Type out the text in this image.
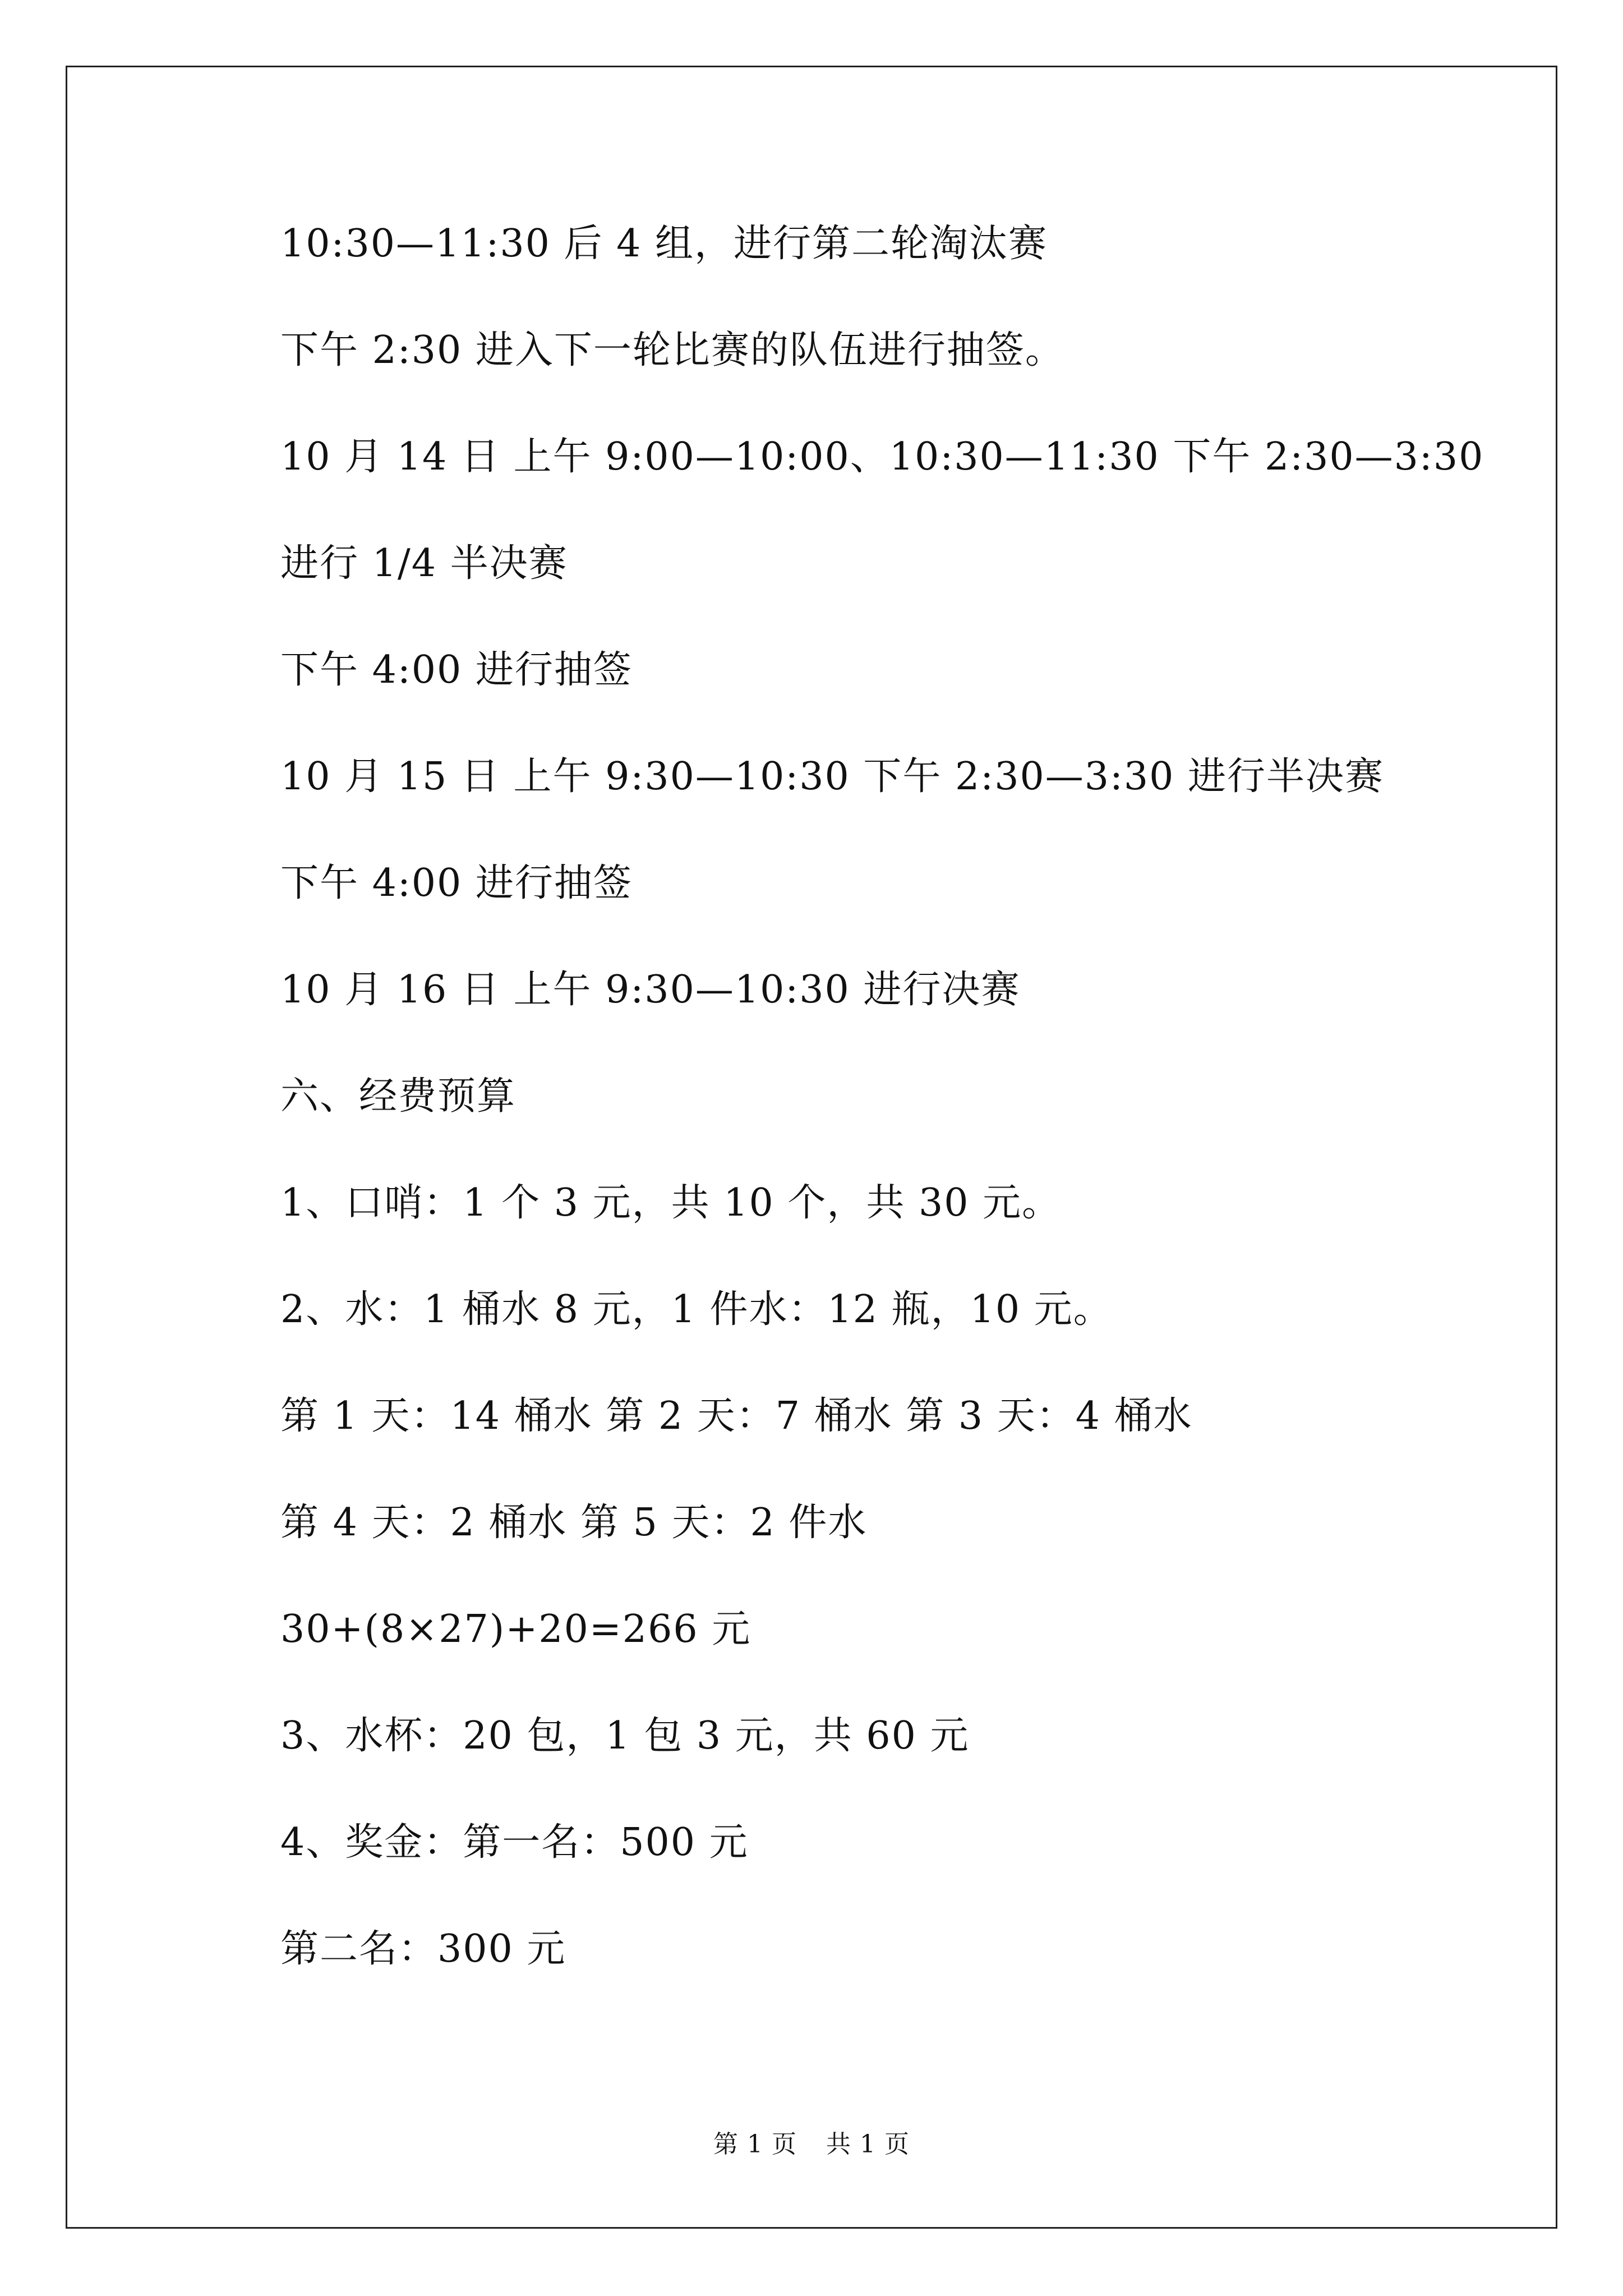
10:30—11:30 后 4 组，进行第二轮淘汰赛
下午 2:30 进入下一轮比赛的队伍进行抽签。
10 月 14 日 上午 9:00—10:00、10:30—11:30 下午 2:30—3:30
进行 1/4 半决赛
下午 4:00 进行抽签
10 月 15 日 上午 9:30—10:30 下午 2:30—3:30 进行半决赛
下午 4:00 进行抽签
10 月 16 日 上午 9:30—10:30 进行决赛
六、经费预算
1、口哨：1 个 3 元，共 10 个，共 30 元。
2、水：1 桶水 8 元，1 件水：12 瓶，10 元。
第 1 天：14 桶水 第 2 天：7 桶水 第 3 天：4 桶水
第 4 天：2 桶水 第 5 天：2 件水
30+(8×27)+20=266 元
3、水杯：20 包，1 包 3 元，共 60 元
4、奖金：第一名：500 元
第二名：300 元
第 1 页 共 1 页
